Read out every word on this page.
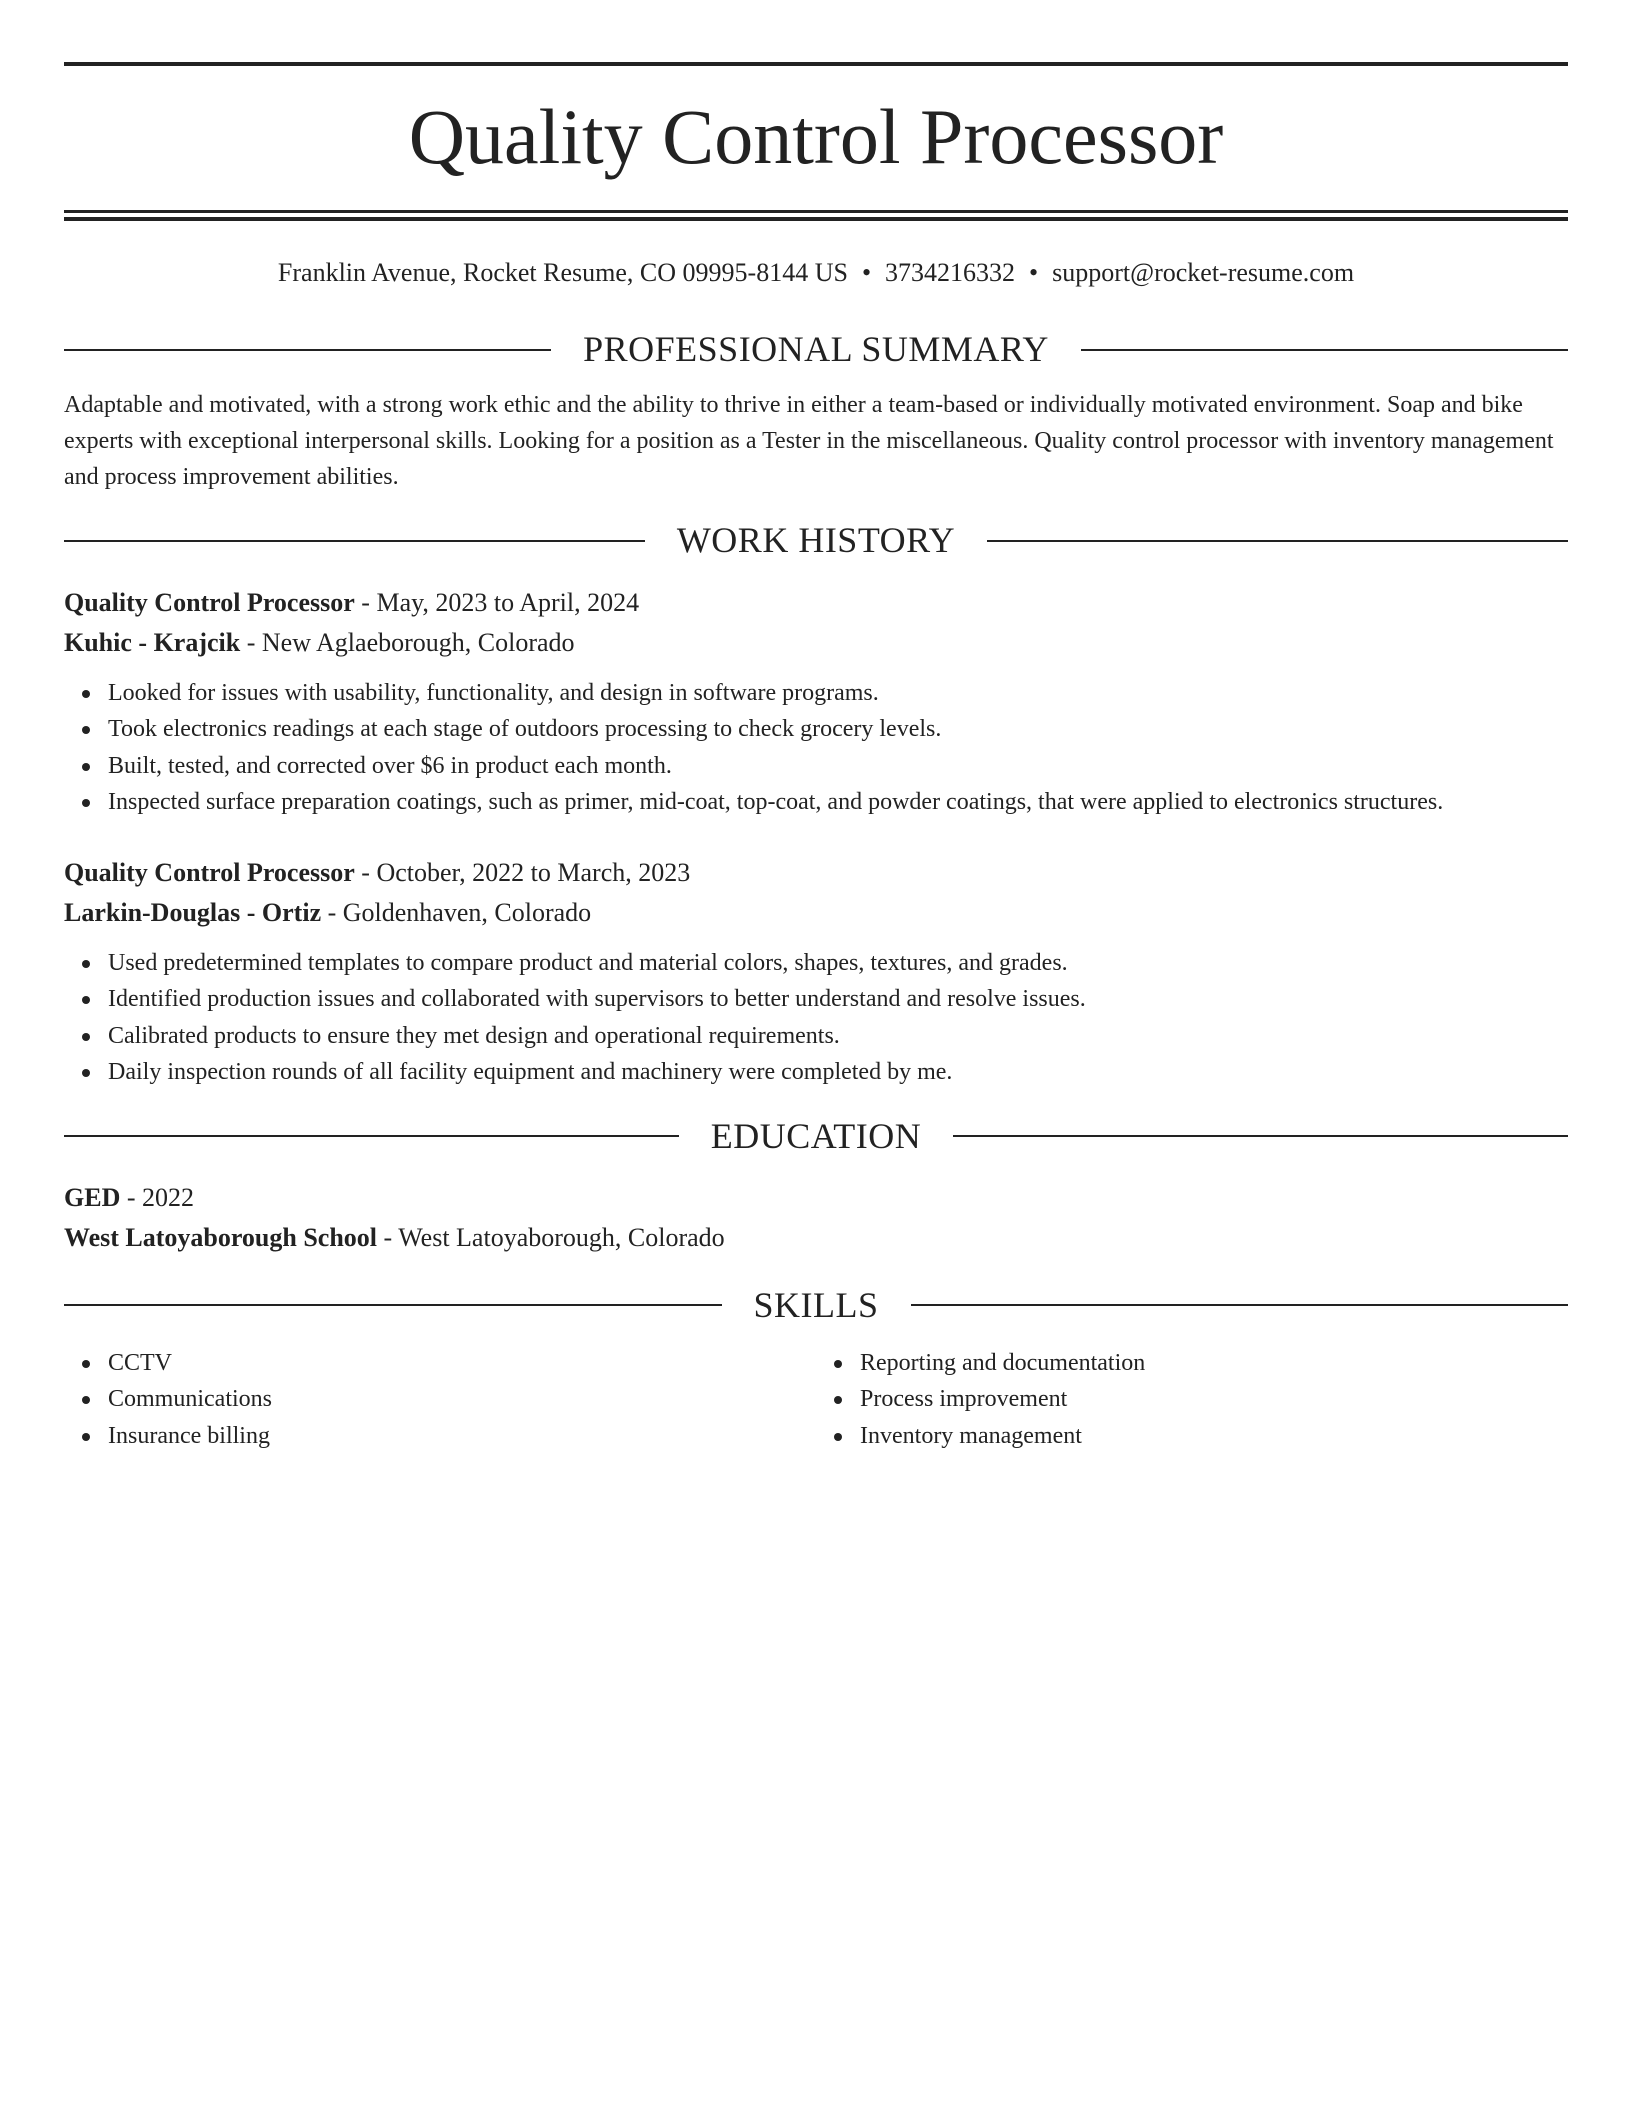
Quality Control Processor
Franklin Avenue, Rocket Resume, CO 09995-8144 US • 3734216332 • support@rocket-resume.com
PROFESSIONAL SUMMARY

Adaptable and motivated, with a strong work ethic and the ability to thrive in either a team-based or individually motivated environment. Soap and bike experts with exceptional interpersonal skills. Looking for a position as a Tester in the miscellaneous. Quality control processor with inventory management and process improvement abilities.

WORK HISTORY

Quality Control Processor - May, 2023 to April, 2024

Kuhic - Krajcik - New Aglaeborough, Colorado

Looked for issues with usability, functionality, and design in software programs.
Took electronics readings at each stage of outdoors processing to check grocery levels.
Built, tested, and corrected over $6 in product each month.
Inspected surface preparation coatings, such as primer, mid-coat, top-coat, and powder coatings, that were applied to electronics structures.

Quality Control Processor - October, 2022 to March, 2023

Larkin-Douglas - Ortiz - Goldenhaven, Colorado

Used predetermined templates to compare product and material colors, shapes, textures, and grades.
Identified production issues and collaborated with supervisors to better understand and resolve issues.
Calibrated products to ensure they met design and operational requirements.
Daily inspection rounds of all facility equipment and machinery were completed by me.
EDUCATION

GED - 2022

West Latoyaborough School - West Latoyaborough, Colorado

SKILLS
CCTV
Communications
Insurance billing
Reporting and documentation
Process improvement
Inventory management
